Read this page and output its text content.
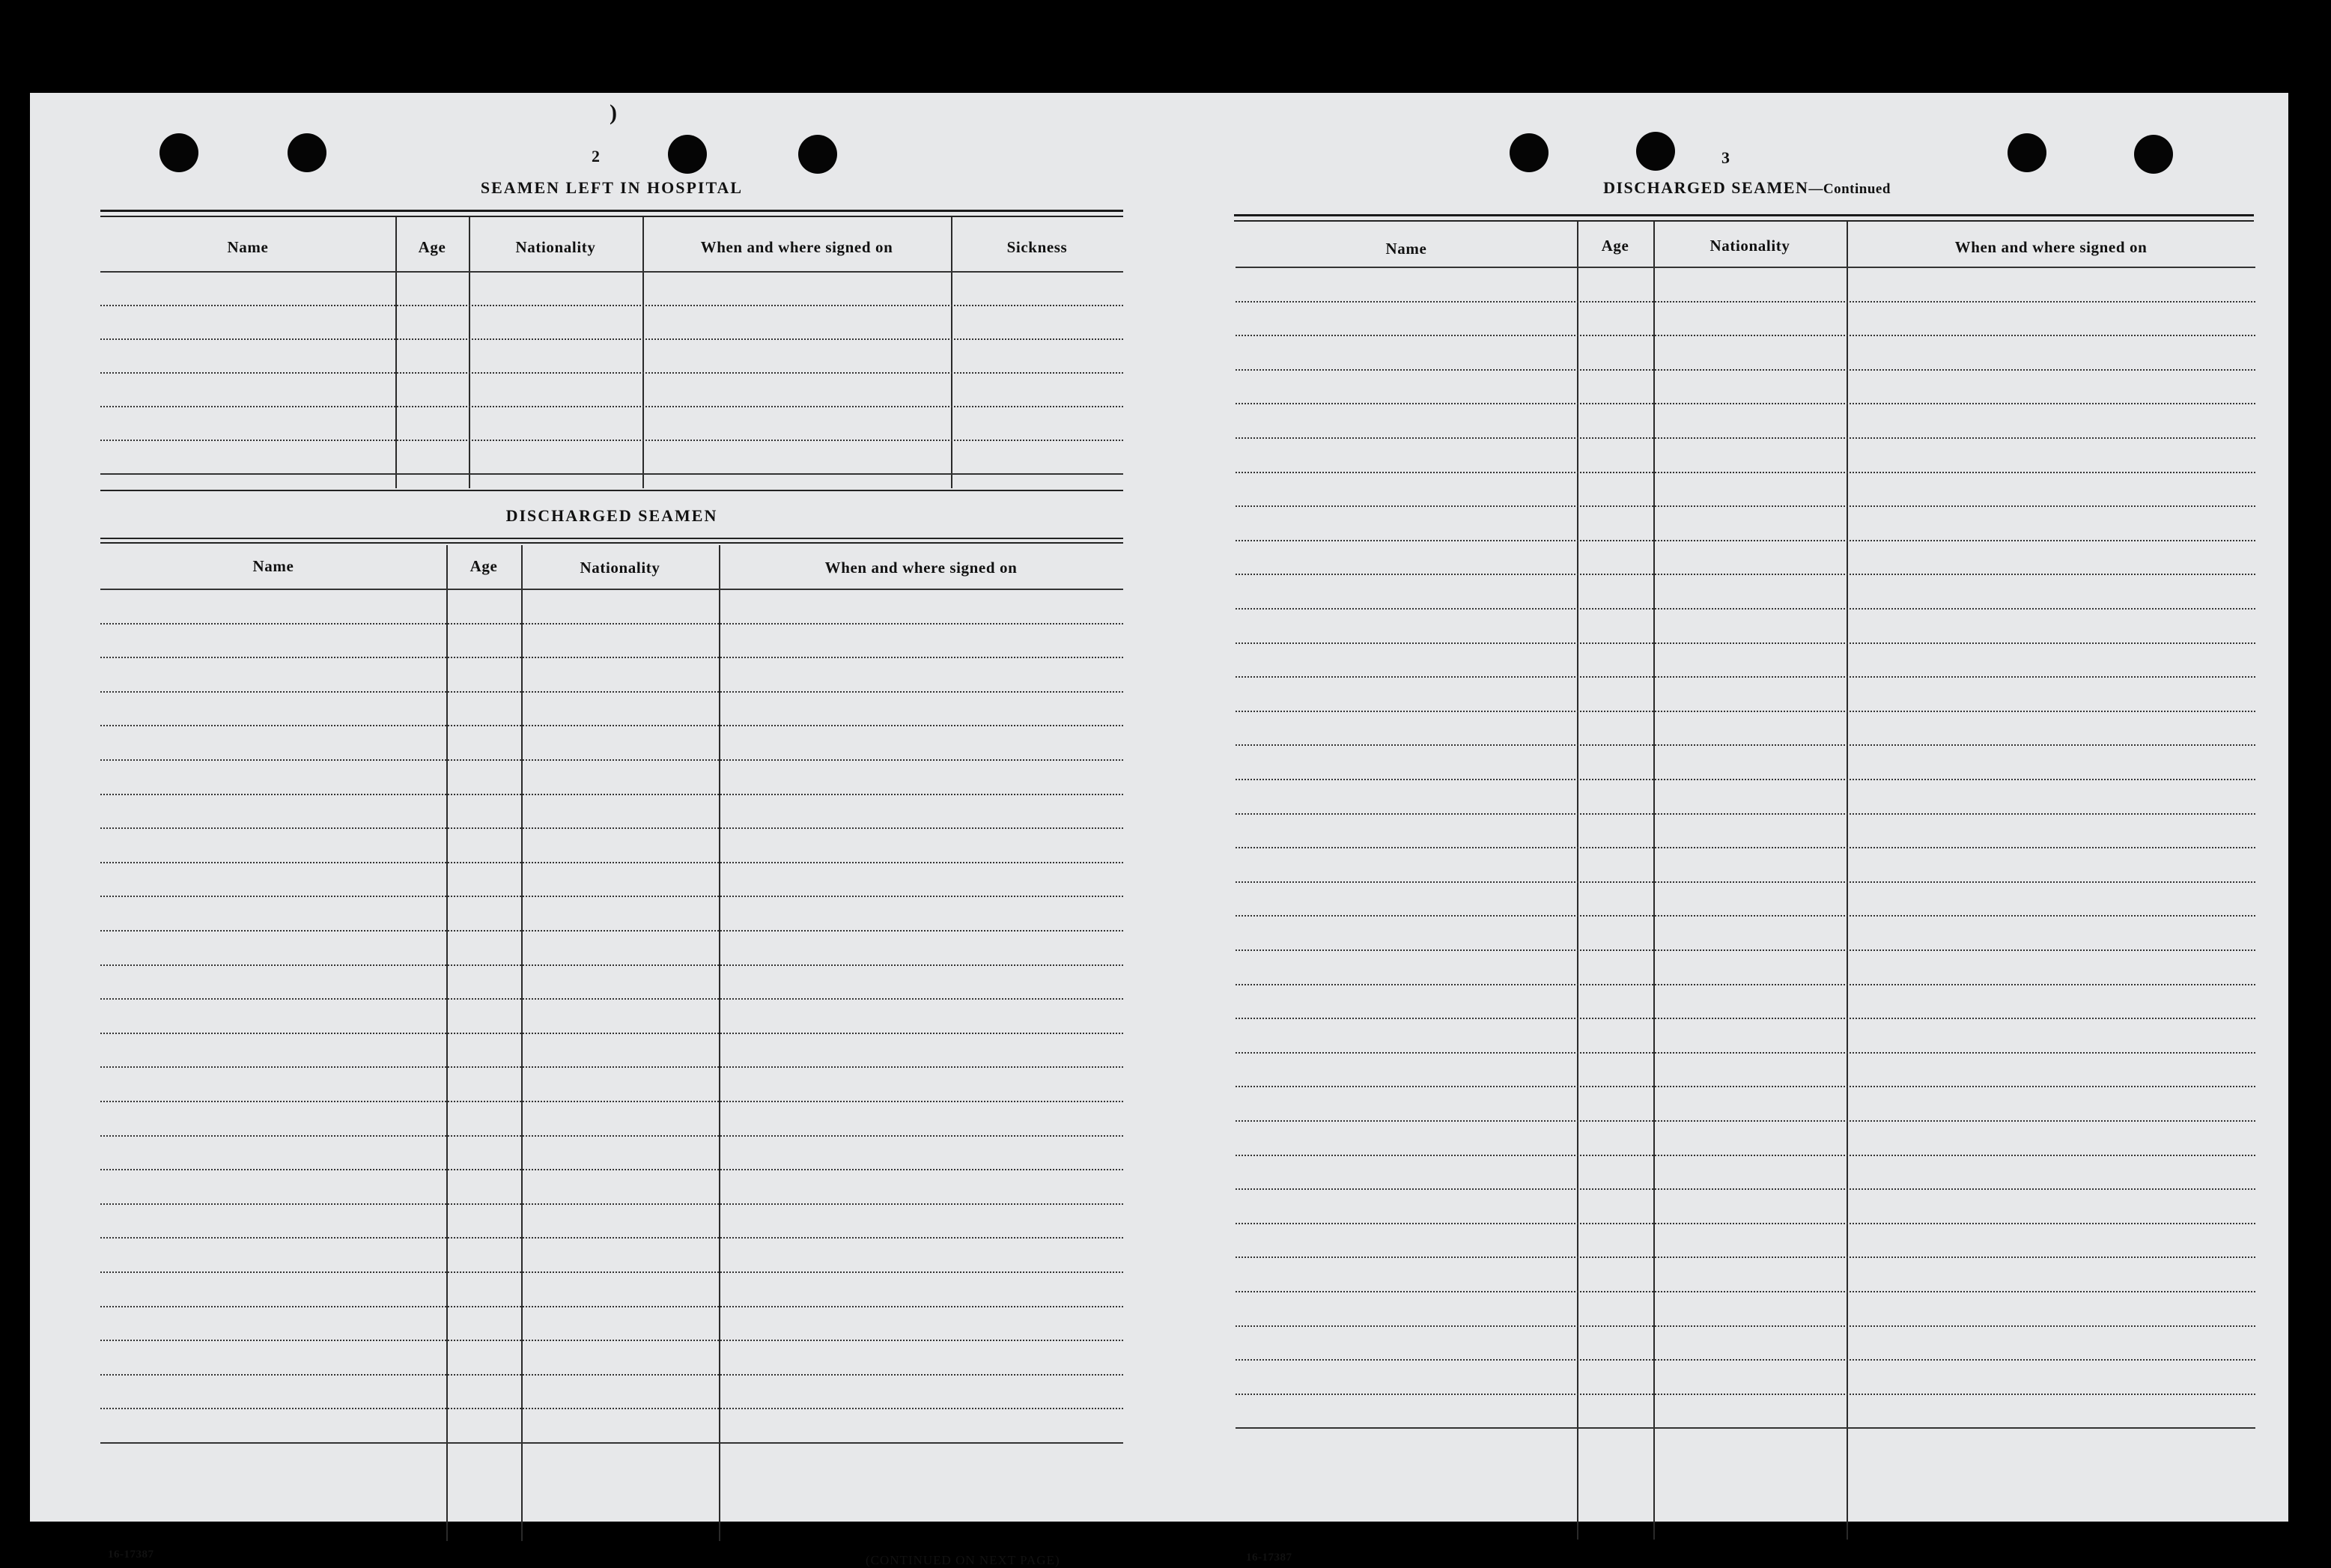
)
2
SEAMEN LEFT IN HOSPITAL
Name	Age	Nationality	When and where signed on	Sickness
DISCHARGED SEAMEN
Name	Age	Nationality	When and where signed on
16-17387	(CONTINUED ON NEXT PAGE)
3
DISCHARGED SEAMEN—Continued
Name	Age	Nationality	When and where signed on
16-17387
